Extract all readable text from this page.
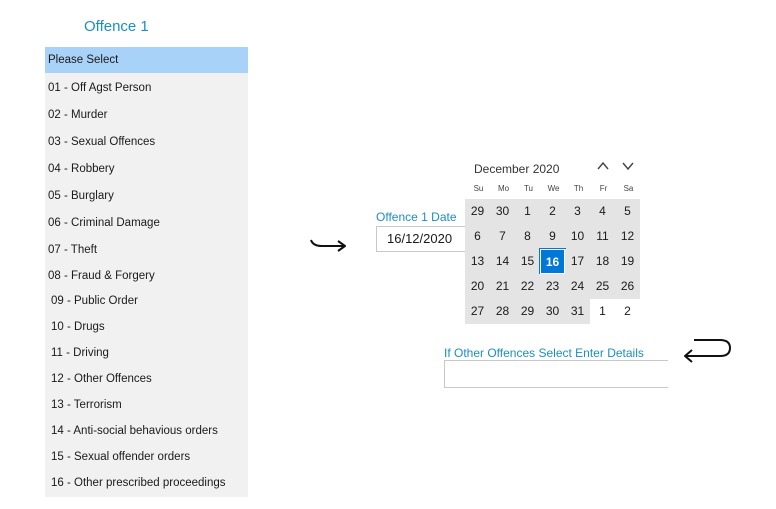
Offence 1
Please Select
01 - Off Agst Person
02 - Murder
03 - Sexual Offences
04 - Robbery
05 - Burglary
06 - Criminal Damage
07 - Theft
08 - Fraud & Forgery
09 - Public Order
10 - Drugs
11 - Driving
12 - Other Offences
13 - Terrorism
14 - Anti-social behavious orders
15 - Sexual offender orders
16 - Other prescribed proceedings
Offence 1 Date
16/12/2020
December 2020
Su	Mo	Tu	We	Th	Fr	Sa
29 30	1	2	3	4	5
6	7	8	9	10	11	12
13 14 15 16 17 18 19
20 21 22 23 24 25 26
27 28 29 30 31	1	2
If Other Offences Select Enter Details
